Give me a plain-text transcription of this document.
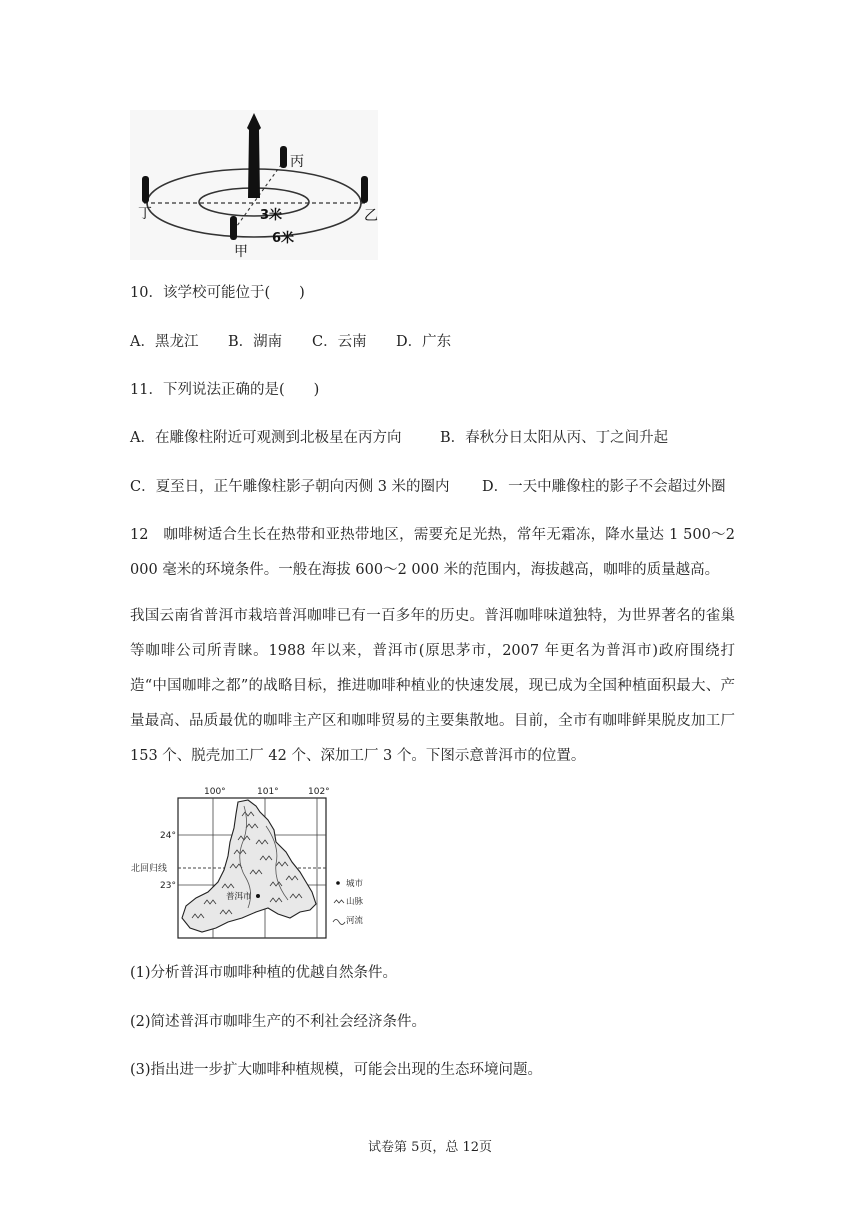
丙
丁	乙
甲
3米
6米
10．该学校可能位于(　　)
A．黑龙江 B．湖南 C．云南 D．广东
11．下列说法正确的是(　　)
A．在雕像柱附近可观测到北极星在丙方向	B．春秋分日太阳从丙、丁之间升起
C．夏至日，正午雕像柱影子朝向丙侧 3 米的圈内 D．一天中雕像柱的影子不会超过外圈
12　咖啡树适合生长在热带和亚热带地区，需要充足光热，常年无霜冻，降水量达 1 500～2 000 毫米的环境条件。一般在海拔 600～2 000 米的范围内，海拔越高，咖啡的质量越高。
我国云南省普洱市栽培普洱咖啡已有一百多年的历史。普洱咖啡味道独特，为世界著名的雀巢等咖啡公司所青睐。1988 年以来，普洱市(原思茅市，2007 年更名为普洱市)政府围绕打造“中国咖啡之都”的战略目标，推进咖啡种植业的快速发展，现已成为全国种植面积最大、产量最高、品质最优的咖啡主产区和咖啡贸易的主要集散地。目前，全市有咖啡鲜果脱皮加工厂 153 个、脱壳加工厂 42 个、深加工厂 3 个。下图示意普洱市的位置。
100°	101°	102°
24°
23°
北回归线
普洱市
城市
山脉
河流
(1)分析普洱市咖啡种植的优越自然条件。
(2)简述普洱市咖啡生产的不利社会经济条件。
(3)指出进一步扩大咖啡种植规模，可能会出现的生态环境问题。
试卷第 5页，总 12页
